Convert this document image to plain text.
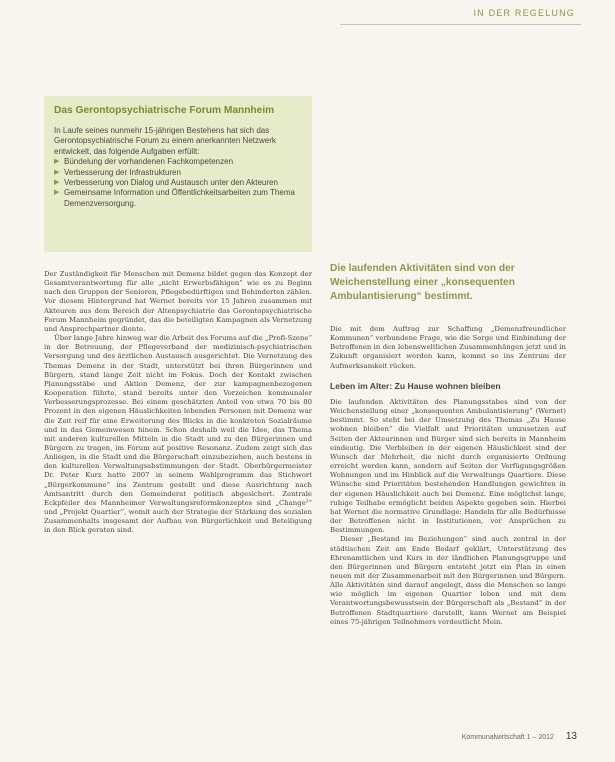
IN DER REGELUNG
Das Gerontopsychiatrische Forum Mannheim

In Laufe seines nunmehr 15-jährigen Bestehens hat sich das Gerontopsychiatrische Forum zu einem anerkannten Netzwerk entwickelt, das folgende Aufgaben erfüllt:

▶ Bündelung der vorhandenen Fachkompetenzen
▶ Verbesserung der Infrastrukturen
▶ Verbesserung von Dialog und Austausch unter den Akteuren
▶ Gemeinsame Information und Öffentlichkeitsarbeiten zum Thema Demenzversorgung.
Die laufenden Aktivitäten sind von der Weichenstellung einer „konsequenten Ambulantisierung“ bestimmt.

Der Zuständigkeit für Menschen mit Demenz bildet gegen das Konzept der Gesamtverantwortung für alle „nicht Erwerbsfähigen“ wie es zu Beginn nach den Gruppen der Senioren, Pflegebedürftigen und Behinderten zählen. Vor diesem Hintergrund hat Wernet bereits vor 15 Jahren zusammen mit Akteuren aus dem Bereich der Altenpsychiatrie das Gerontopsychiatrische Forum Mannheim gegründet, das die beteiligten Kampagnen als Vernetzung und Ansprechpartner diente.

Über lange Jahre hinweg war die Arbeit des Forums auf die „Profi-Szene“ in der Betreuung, der Pflegeverband der medizinisch-psychiatrischen Versorgung und des ärztlichen Austausch ausgerichtet. Die Vernetzung des Themas Demenz in der Stadt, unterstützt bei ihren Bürgerinnen und Bürgern, stand lange Zeit nicht im Fokus. Doch der Kontakt zwischen Planungsstäbe und Aktion Demenz, der zur kampagnenbezogenen Kooperation führte, stand bereits unter den Vorzeichen kommunaler Verbesserungsprozesse. Bei einem geschätzten Anteil von etwa 70 bis 80 Prozent in den eigenen Häuslichkeiten lebenden Personen mit Demenz war die Zeit reif für eine Erweiterung des Blicks in die konkreten Sozialräume und in das Gemeinwesen hinein. Schon deshalb weil die Idee, das Thema mit anderen kulturellen Mitteln in die Stadt und zu den Bürgerinnen und Bürgern zu tragen, im Forum auf positive Resonanz. Zudem zeigt sich das Anliegen, in die Stadt und die Bürgerschaft einzubeziehen, auch bestens in den kulturellen Verwaltungsabstimmungen der Stadt. Oberbürgermeister Dr. Peter Kurz hatte 2007 in seinem Wahlprogramm das Stichwort „Bürgerkommune“ ins Zentrum gestellt und diese Ausrichtung nach Amtsantritt durch den Gemeinderat politisch abgesichert. Zentrale Eckpfeiler des Mannheimer Verwaltungsreformkonzeptes sind „Change²“ und „Projekt Quartier“, womit auch der Strategie der Stärkung des sozialen Zusammenhalts insgesamt der Aufbau von Bürgerlichkeit und Beteiligung in den Blick geraten sind.

Die mit dem Auftrag zur Schaffung „Demenzfreundlicher Kommunen“ verbundene Frage, wie die Sorge und Einbindung der Betroffenen in den lebensweltlichen Zusammenhängen jetzt und in Zukunft organisiert werden kann, kommt so ins Zentrum der Aufmerksamkeit rücken.

Leben im Alter: Zu Hause wohnen bleiben

Die laufenden Aktivitäten des Planungsstabes sind von der Weichenstellung einer „konsequenten Ambulantisierung“ (Wernet) bestimmt. So steht bei der Umsetzung des Themas „Zu Hause wohnen bleiben“ die Vielfalt und Prioritäten umzusetzen auf Seiten der Akteurinnen und Bürger sind sich bereits in Mannheim eindeutig. Die Verbleiben in der eigenen Häuslichkeit sind der Wunsch der Mehrheit, die nicht durch organisierte Ordnung erreicht werden kann, sondern auf Seiten der Verfügungsgrößen Wohnungen und im Hinblick auf die Verwaltungs Quartiere. Diese Wünsche sind Prioritäten bestehenden Handlungen gewichten in der eigenen Häuslichkeit auch bei Demenz. Eine möglichst lange, ruhige Teilhabe ermöglicht beiden Aspekte gegeben sein. Hierbei hat Wernet die normative Grundlage: Handeln für alle Bedürfnisse der Betroffenen nicht in Institutionen, vor Ansprüchen zu Bestimmungen.

Dieser „Bestand im Beziehungen“ sind auch zentral in der städtischen Zeit am Ende Bedarf geklärt, Unterstützung des Ehrenamtlichen und Kurs in der ländlichen Planungsgruppe und den Bürgerinnen und Bürgern entsteht jetzt ein Plan in einen neuen mit der Zusammenarbeit mit den Bürgerinnen und Bürgern. Alle Aktivitäten sind darauf angelegt, dass die Menschen so lange wie möglich im eigenen Quartier leben und mit dem Verantwortungsbewusstsein der Bürgerschaft als „Bestand“ in der Betroffenen Stadtquartiere darstellt, kann Wernet am Beispiel eines 75-jährigen Teilnehmers verdeutlicht Mein.

Kommunalwirtschaft 1 – 2012 13
